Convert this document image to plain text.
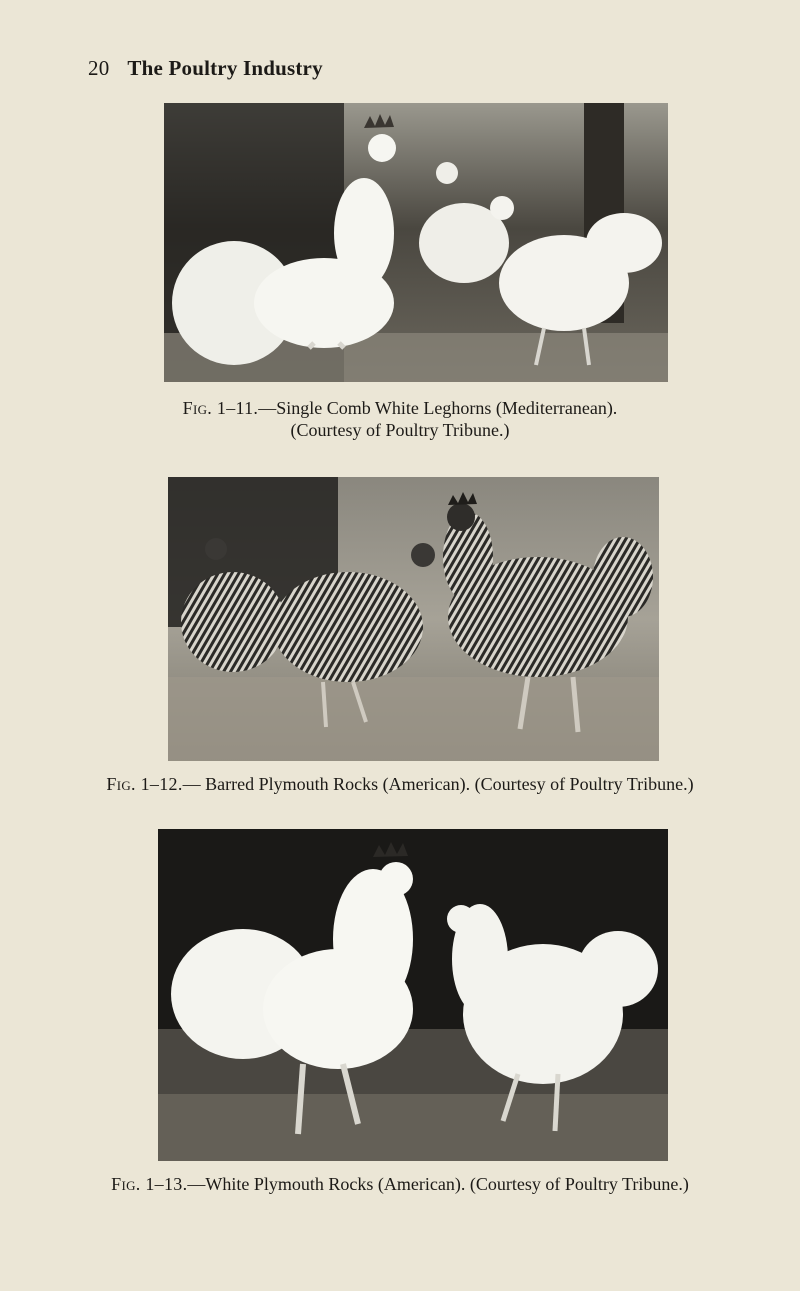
20 The Poultry Industry
Fig. 1–11.—Single Comb White Leghorns (Mediterranean).
(Courtesy of Poultry Tribune.)
Fig. 1–12.— Barred Plymouth Rocks (American). (Courtesy of Poultry Tribune.)
Fig. 1–13.—White Plymouth Rocks (American). (Courtesy of Poultry Tribune.)
